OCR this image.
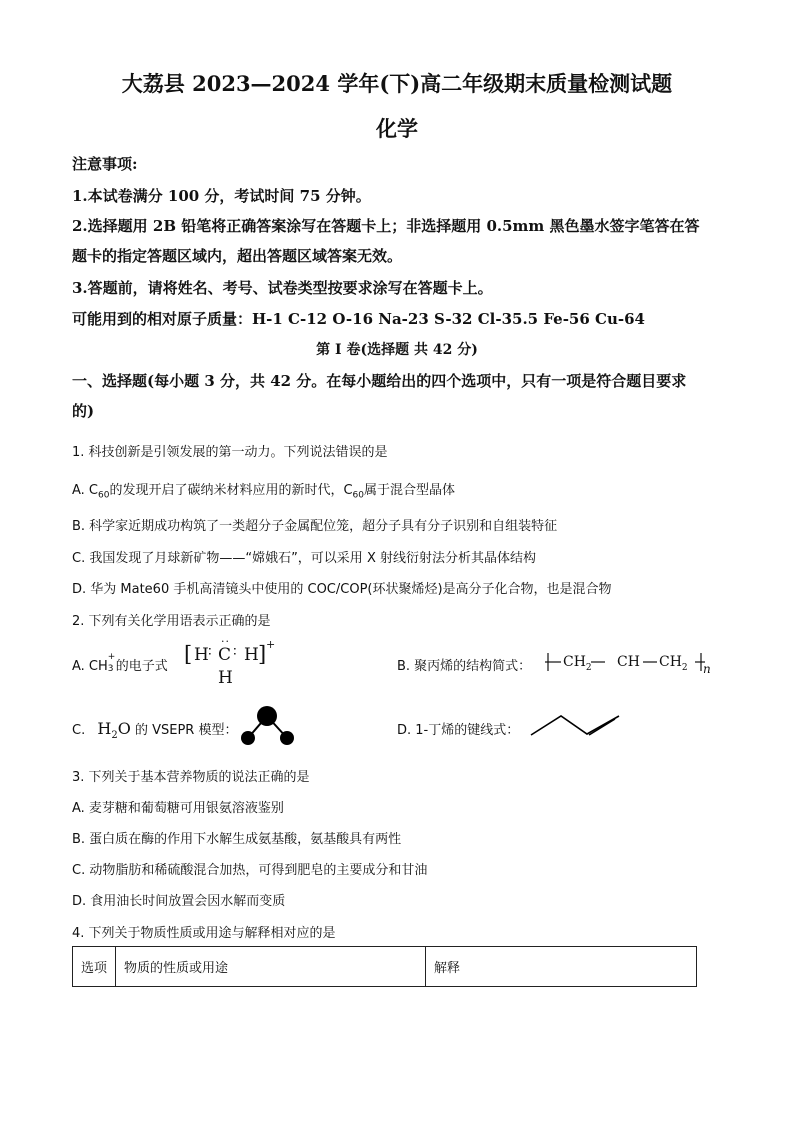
大荔县 2023—2024 学年(下)高二年级期末质量检测试题
化学
注意事项:
1.本试卷满分 100 分，考试时间 75 分钟。
2.选择题用 2B 铅笔将正确答案涂写在答题卡上；非选择题用 0.5mm 黑色墨水签字笔答在答
题卡的指定答题区域内，超出答题区域答案无效。
3.答题前，请将姓名、考号、试卷类型按要求涂写在答题卡上。
可能用到的相对原子质量：H-1 C-12 O-16 Na-23 S-32 Cl-35.5 Fe-56 Cu-64
第 I 卷(选择题 共 42 分)
一、选择题(每小题 3 分，共 42 分。在每小题给出的四个选项中，只有一项是符合题目要求
的)
1. 科技创新是引领发展的第一动力。下列说法错误的是
A. $C_{60}$的发现开启了碳纳米材料应用的新时代，$C_{60}$属于混合型晶体
B. 科学家近期成功构筑了一类超分子金属配位笼，超分子具有分子识别和自组装特征
C. 我国发现了月球新矿物——“嫦娥石”，可以采用 X 射线衍射法分析其晶体结构
D. 华为 Mate60 手机高清镜头中使用的 COC/COP(环状聚烯烃)是高分子化合物，也是混合物
2. 下列有关化学用语表示正确的是
A. CH
+
3 的电子式
[ H ∶ C
··
∶ H ] +
H
B. 聚丙烯的结构简式： $CH_2$ CH $CH_2$ n
C. $H_2O$ 的 VSEPR 模型：	D. 1-丁烯的键线式：
3. 下列关于基本营养物质的说法正确的是
A. 麦芽糖和葡萄糖可用银氨溶液鉴别
B. 蛋白质在酶的作用下水解生成氨基酸，氨基酸具有两性
C. 动物脂肪和稀硫酸混合加热，可得到肥皂的主要成分和甘油
D. 食用油长时间放置会因水解而变质
4. 下列关于物质性质或用途与解释相对应的是
选项	物质的性质或用途	解释
